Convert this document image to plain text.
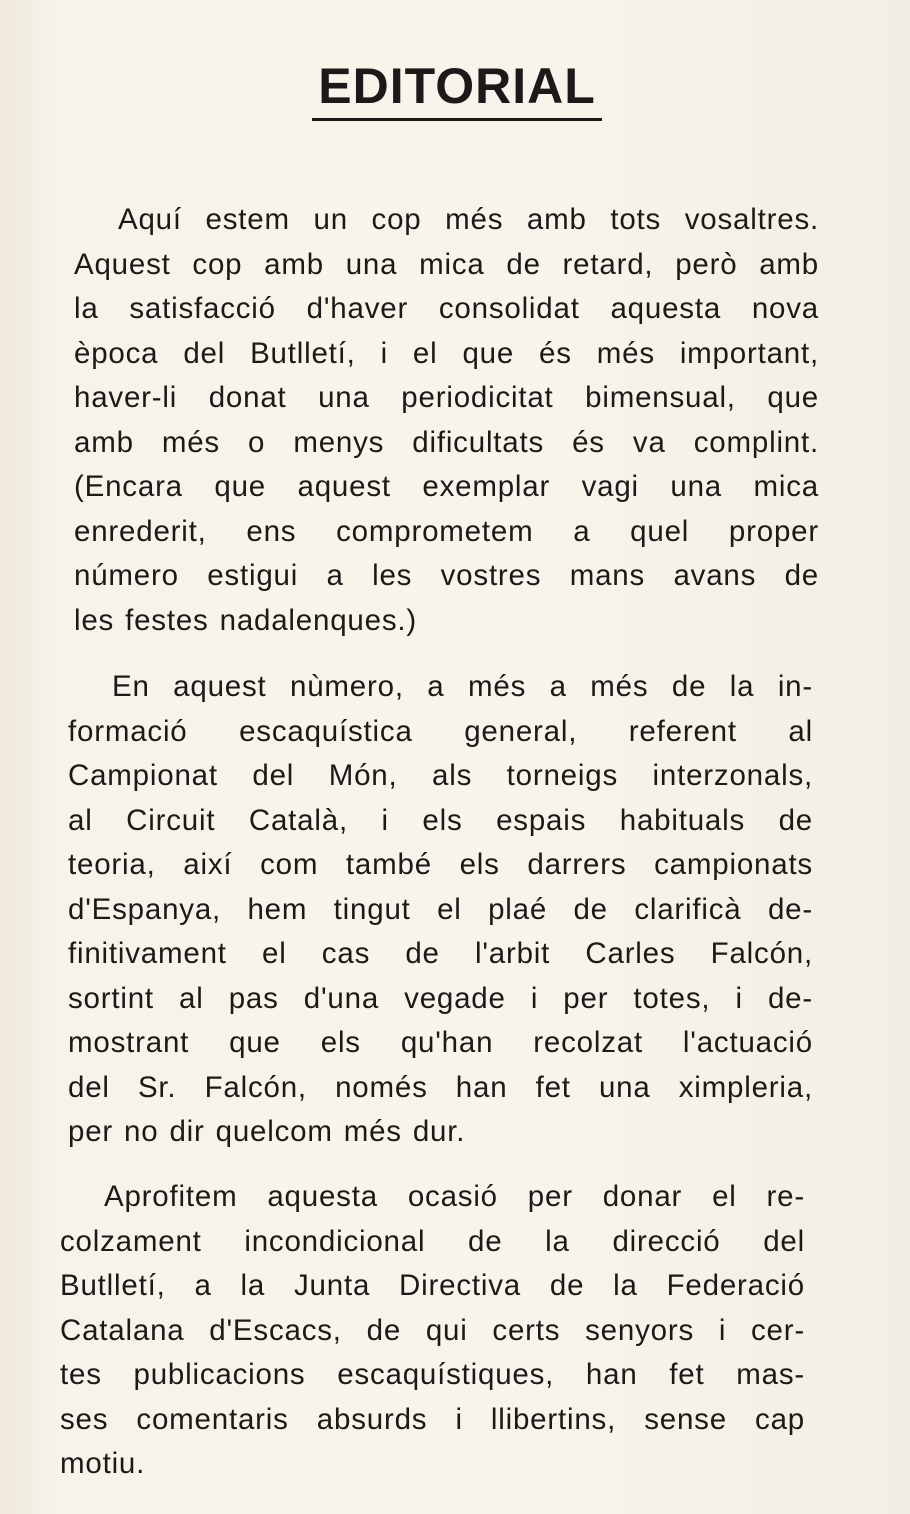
EDITORIAL
Aquí estem un cop més amb tots vosaltres.
Aquest cop amb una mica de retard, però amb
la satisfacció d'haver consolidat aquesta nova
època del Butlletí, i el que és més important,
haver-li donat una periodicitat bimensual, que
amb més o menys dificultats és va complint.
(Encara que aquest exemplar vagi una mica
enrederit, ens comprometem a quel proper
número estigui a les vostres mans avans de
les festes nadalenques.)
En aquest nùmero, a més a més de la in-
formació escaquística general, referent al
Campionat del Món, als torneigs interzonals,
al Circuit Català, i els espais habituals de
teoria, així com també els darrers campionats
d'Espanya, hem tingut el plaé de clarificà de-
finitivament el cas de l'arbit Carles Falcón,
sortint al pas d'una vegade i per totes, i de-
mostrant que els qu'han recolzat l'actuació
del Sr. Falcón, només han fet una ximpleria,
per no dir quelcom més dur.
Aprofitem aquesta ocasió per donar el re-
colzament incondicional de la direcció del
Butlletí, a la Junta Directiva de la Federació
Catalana d'Escacs, de qui certs senyors i cer-
tes publicacions escaquístiques, han fet mas-
ses comentaris absurds i llibertins, sense cap
motiu.
